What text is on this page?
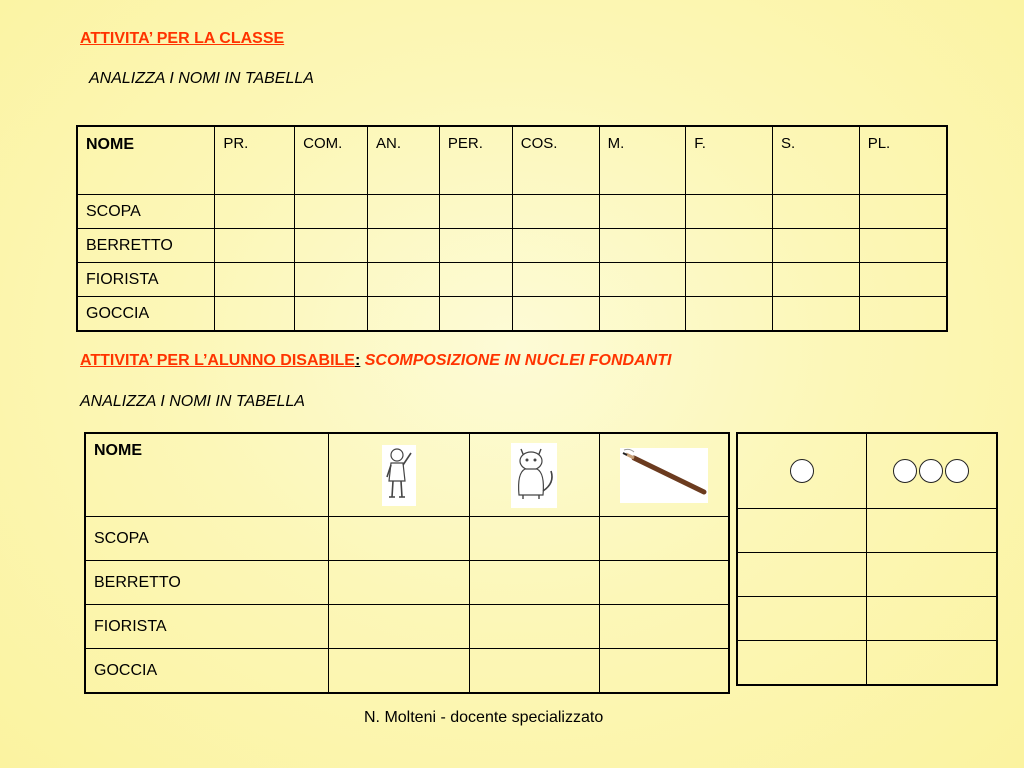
ATTIVITA’ PER LA CLASSE
ANALIZZA I NOMI IN TABELLA
NOME	PR.	COM.	AN.	PER.	COS.	M.	F.	S.	PL.
SCOPA									
BERRETTO									
FIORISTA									
GOCCIA									
ATTIVITA’ PER L’ALUNNO DISABILE: SCOMPOSIZIONE IN NUCLEI FONDANTI
ANALIZZA I NOMI IN TABELLA
NOME			
SCOPA			
BERRETTO			
FIORISTA			
GOCCIA			

N. Molteni - docente specializzato
